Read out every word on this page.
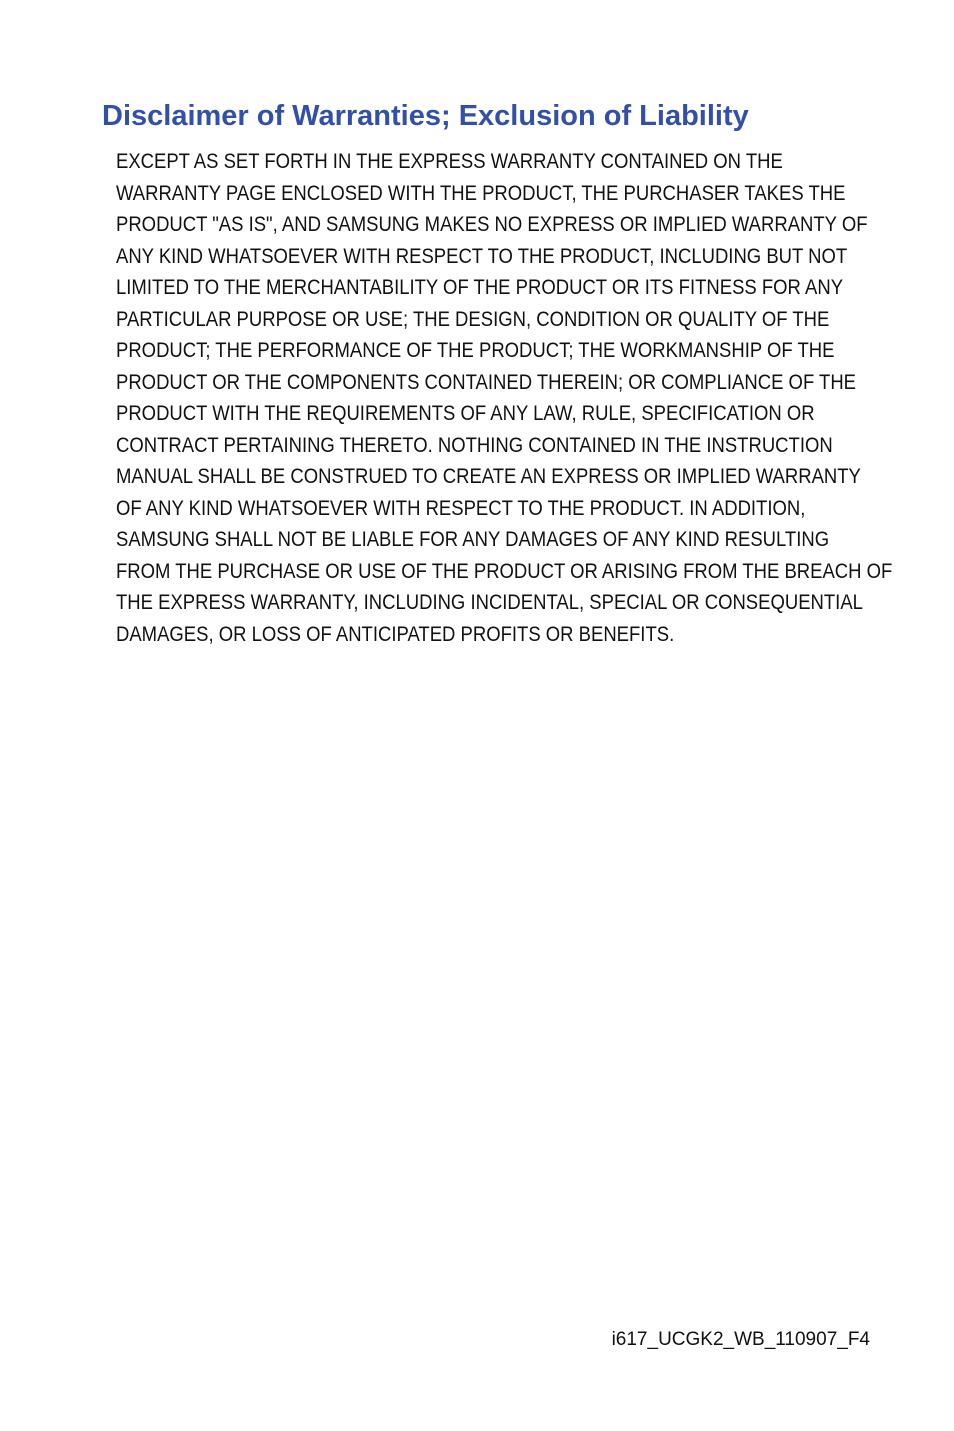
Disclaimer of Warranties; Exclusion of Liability
EXCEPT AS SET FORTH IN THE EXPRESS WARRANTY CONTAINED ON THE
WARRANTY PAGE ENCLOSED WITH THE PRODUCT, THE PURCHASER TAKES THE
PRODUCT "AS IS", AND SAMSUNG MAKES NO EXPRESS OR IMPLIED WARRANTY OF
ANY KIND WHATSOEVER WITH RESPECT TO THE PRODUCT, INCLUDING BUT NOT
LIMITED TO THE MERCHANTABILITY OF THE PRODUCT OR ITS FITNESS FOR ANY
PARTICULAR PURPOSE OR USE; THE DESIGN, CONDITION OR QUALITY OF THE
PRODUCT; THE PERFORMANCE OF THE PRODUCT; THE WORKMANSHIP OF THE
PRODUCT OR THE COMPONENTS CONTAINED THEREIN; OR COMPLIANCE OF THE
PRODUCT WITH THE REQUIREMENTS OF ANY LAW, RULE, SPECIFICATION OR
CONTRACT PERTAINING THERETO. NOTHING CONTAINED IN THE INSTRUCTION
MANUAL SHALL BE CONSTRUED TO CREATE AN EXPRESS OR IMPLIED WARRANTY
OF ANY KIND WHATSOEVER WITH RESPECT TO THE PRODUCT. IN ADDITION,
SAMSUNG SHALL NOT BE LIABLE FOR ANY DAMAGES OF ANY KIND RESULTING
FROM THE PURCHASE OR USE OF THE PRODUCT OR ARISING FROM THE BREACH OF
THE EXPRESS WARRANTY, INCLUDING INCIDENTAL, SPECIAL OR CONSEQUENTIAL
DAMAGES, OR LOSS OF ANTICIPATED PROFITS OR BENEFITS.
i617_UCGK2_WB_110907_F4
